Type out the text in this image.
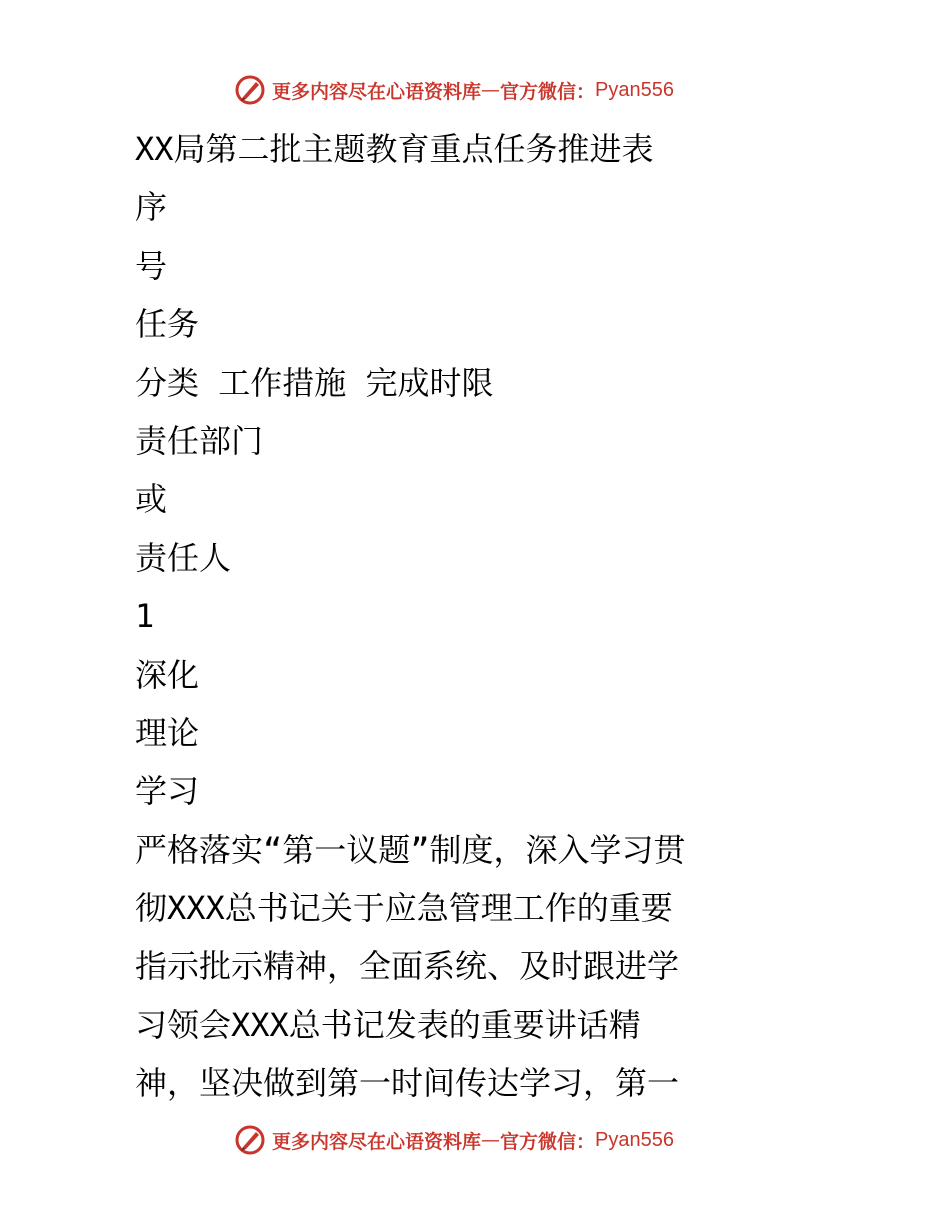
更多内容尽在心语资料库 — 官方微信： Pyan556
XX局第二批主题教育重点任务推进表
序
号
任务
分类 工作措施 完成时限
责任部门
或
责任人
1
深化
理论
学习
严格落实“第一议题”制度，深入学习贯
彻XXX总书记关于应急管理工作的重要
指示批示精神，全面系统、及时跟进学
习领会XXX总书记发表的重要讲话精
神，坚决做到第一时间传达学习，第一
更多内容尽在心语资料库 — 官方微信： Pyan556
